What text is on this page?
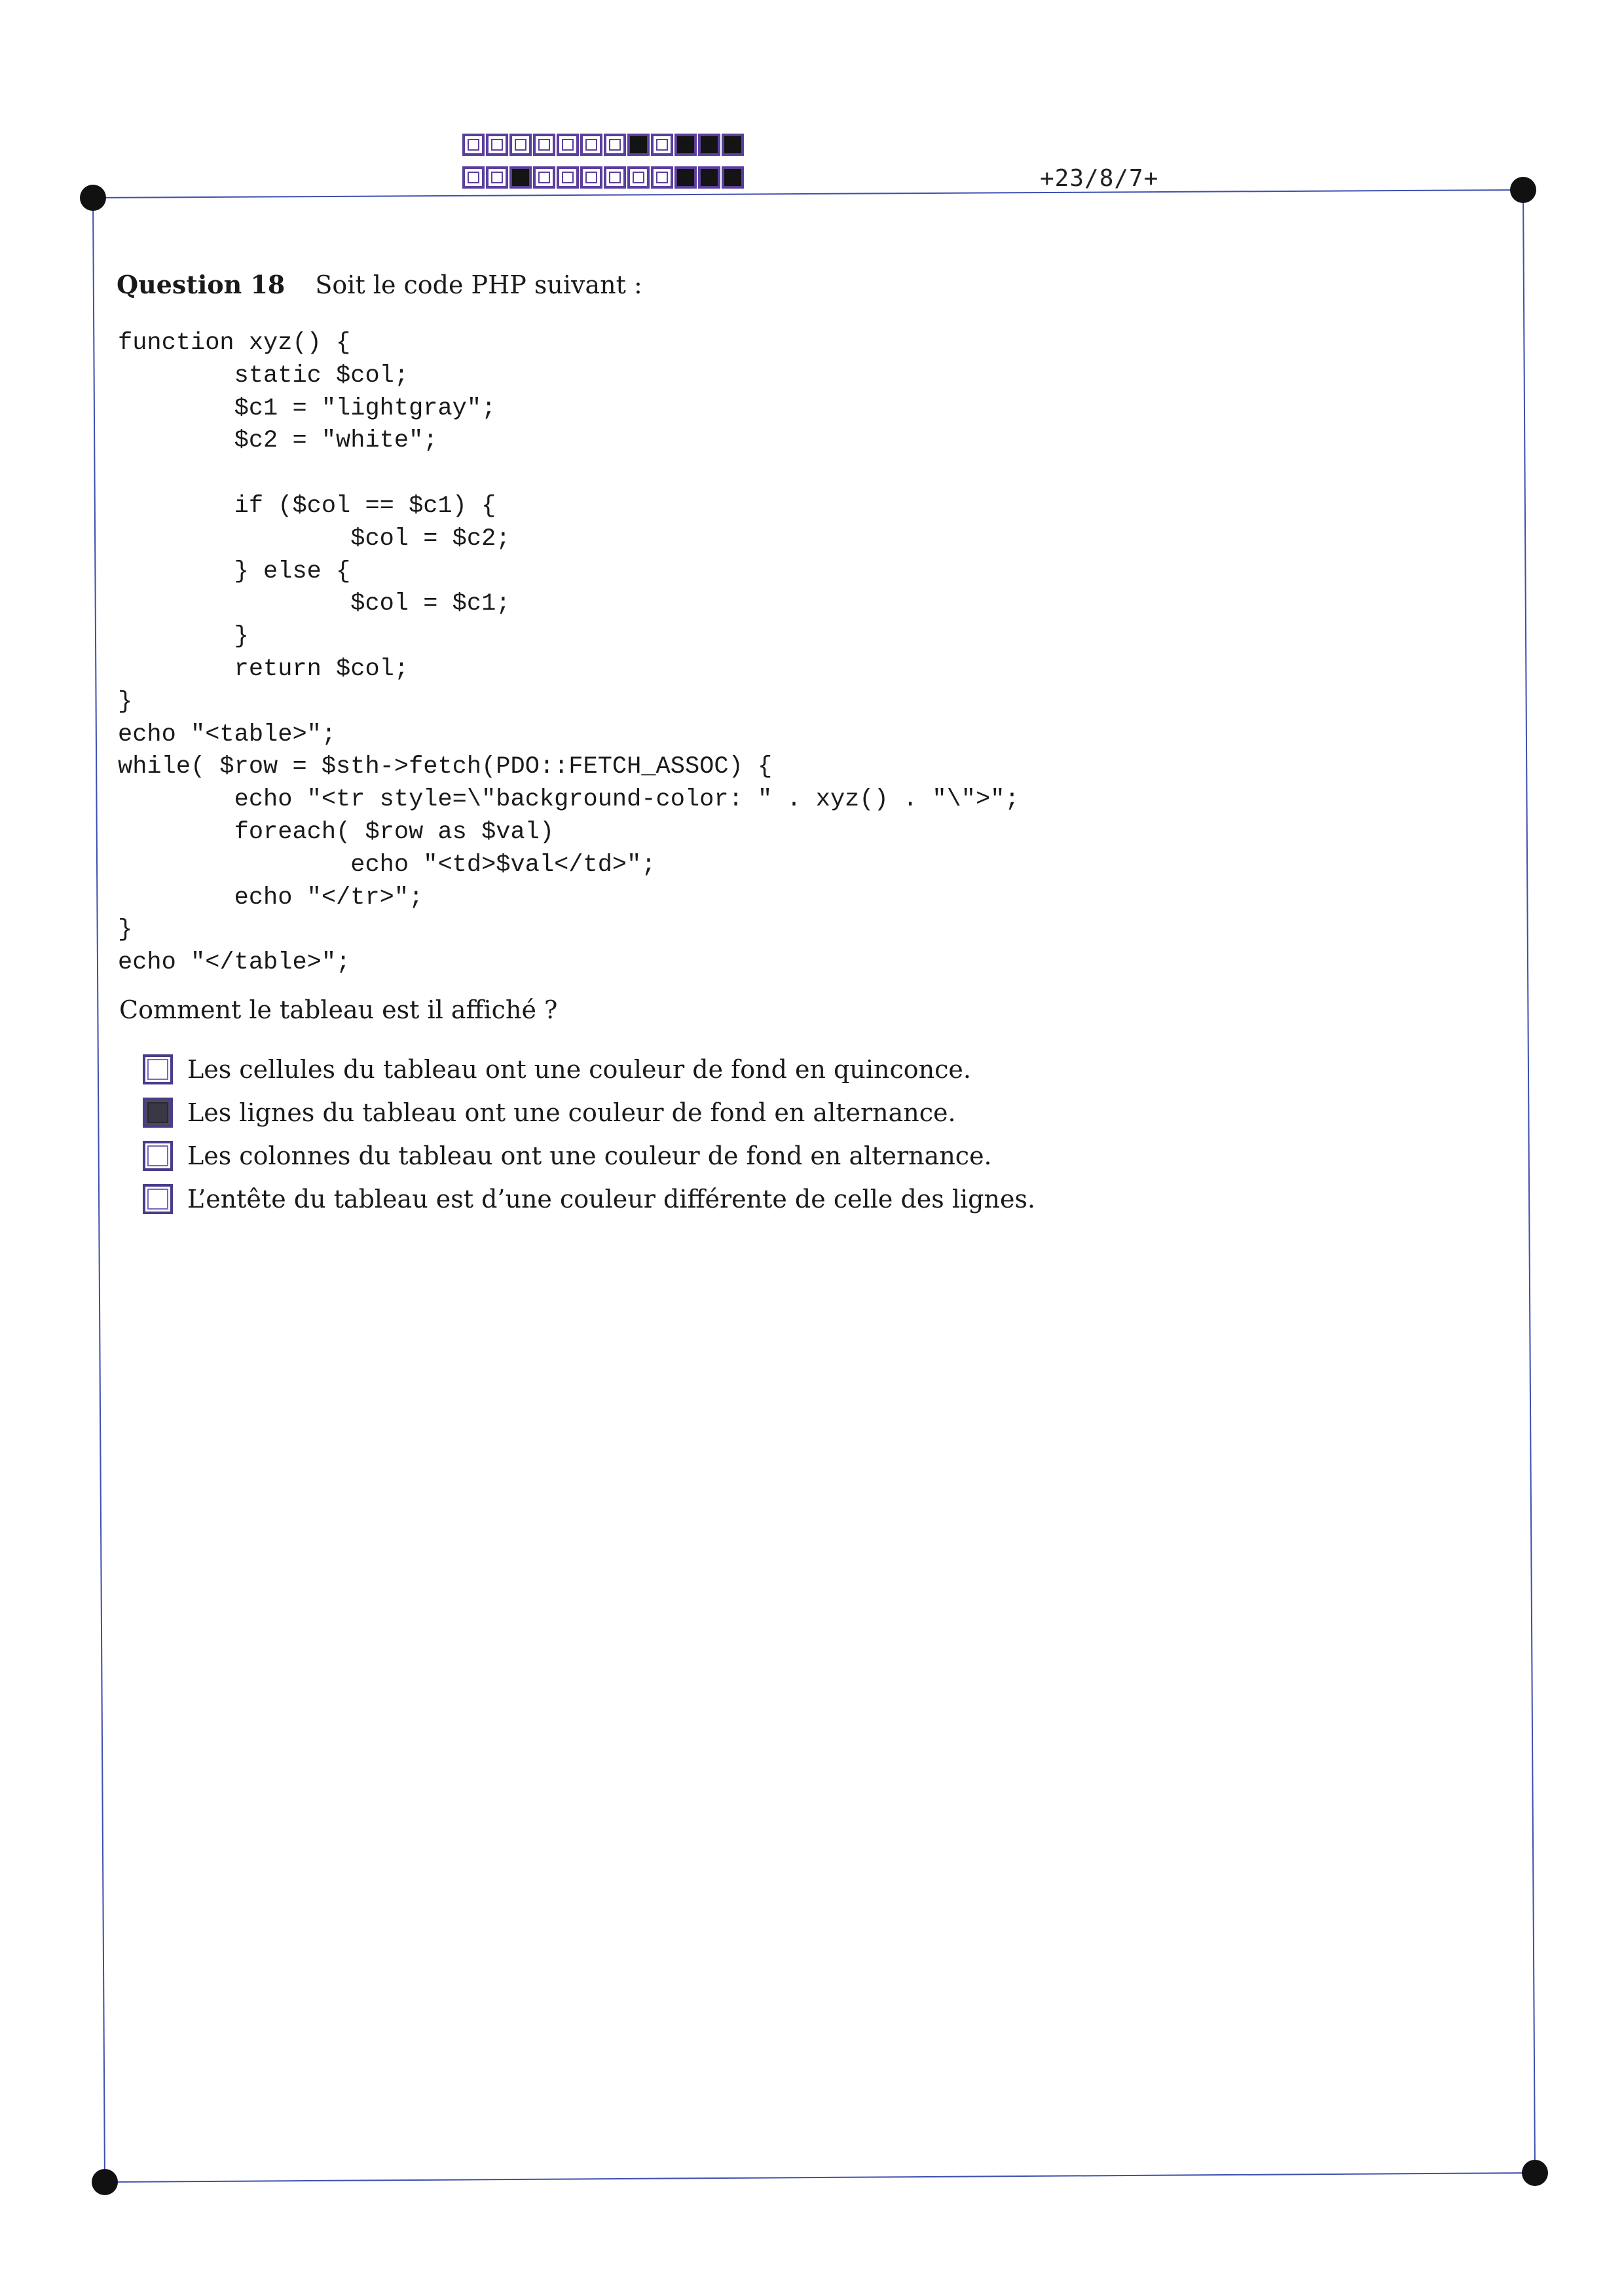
+23/8/7+
Question 18 Soit le code PHP suivant :
function xyz() {
static $col;
$c1 = "lightgray";
$c2 = "white";

if ($col == $c1) {
$col = $c2;
} else {
$col = $c1;
}
return $col;
}
echo "<table>";
while( $row = $sth->fetch(PDO::FETCH_ASSOC) {
echo "<tr style=\"background-color: " . xyz() . "\">";
foreach( $row as $val)
echo "<td>$val</td>";
echo "</tr>";
}
echo "</table>";
Comment le tableau est il affiché ?
Les cellules du tableau ont une couleur de fond en quinconce.
Les lignes du tableau ont une couleur de fond en alternance.
Les colonnes du tableau ont une couleur de fond en alternance.
L’entête du tableau est d’une couleur différente de celle des lignes.
